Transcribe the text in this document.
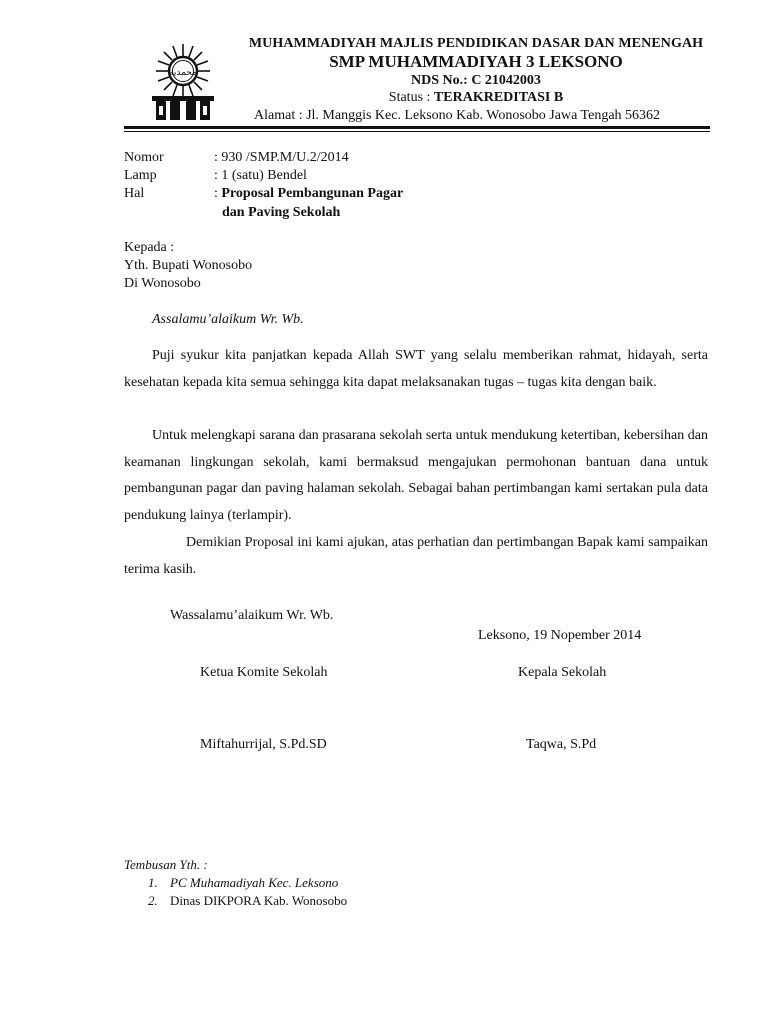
محمدية
MUHAMMADIYAH MAJLIS PENDIDIKAN DASAR DAN MENENGAH
SMP MUHAMMADIYAH 3 LEKSONO
NDS No.: C 21042003
Status : TERAKREDITASI B
Alamat : Jl. Manggis Kec. Leksono Kab. Wonosobo Jawa Tengah 56362
Nomor	: 930 /SMP.M/U.2/2014
Lamp	: 1 (satu) Bendel
Hal	: Proposal Pembangunan Pagar
dan Paving Sekolah
Kepada :
Yth. Bupati Wonosobo
Di Wonosobo
Assalamu’alaikum Wr. Wb.
Puji syukur kita panjatkan kepada Allah SWT yang selalu memberikan rahmat, hidayah, serta kesehatan kepada kita semua sehingga kita dapat melaksanakan tugas – tugas kita dengan baik.
Untuk melengkapi sarana dan prasarana sekolah serta untuk mendukung ketertiban, kebersihan dan keamanan lingkungan sekolah, kami bermaksud mengajukan permohonan bantuan dana untuk pembangunan pagar dan paving halaman sekolah. Sebagai bahan pertimbangan kami sertakan pula data pendukung lainya (terlampir).
Demikian Proposal ini kami ajukan, atas perhatian dan pertimbangan Bapak kami sampaikan terima kasih.
Wassalamu’alaikum Wr. Wb.
Leksono, 19 Nopember 2014
Ketua Komite Sekolah	Kepala Sekolah
Miftahurrijal, S.Pd.SD	Taqwa, S.Pd
Tembusan Yth. :
1. PC Muhamadiyah Kec. Leksono
2. Dinas DIKPORA Kab. Wonosobo
